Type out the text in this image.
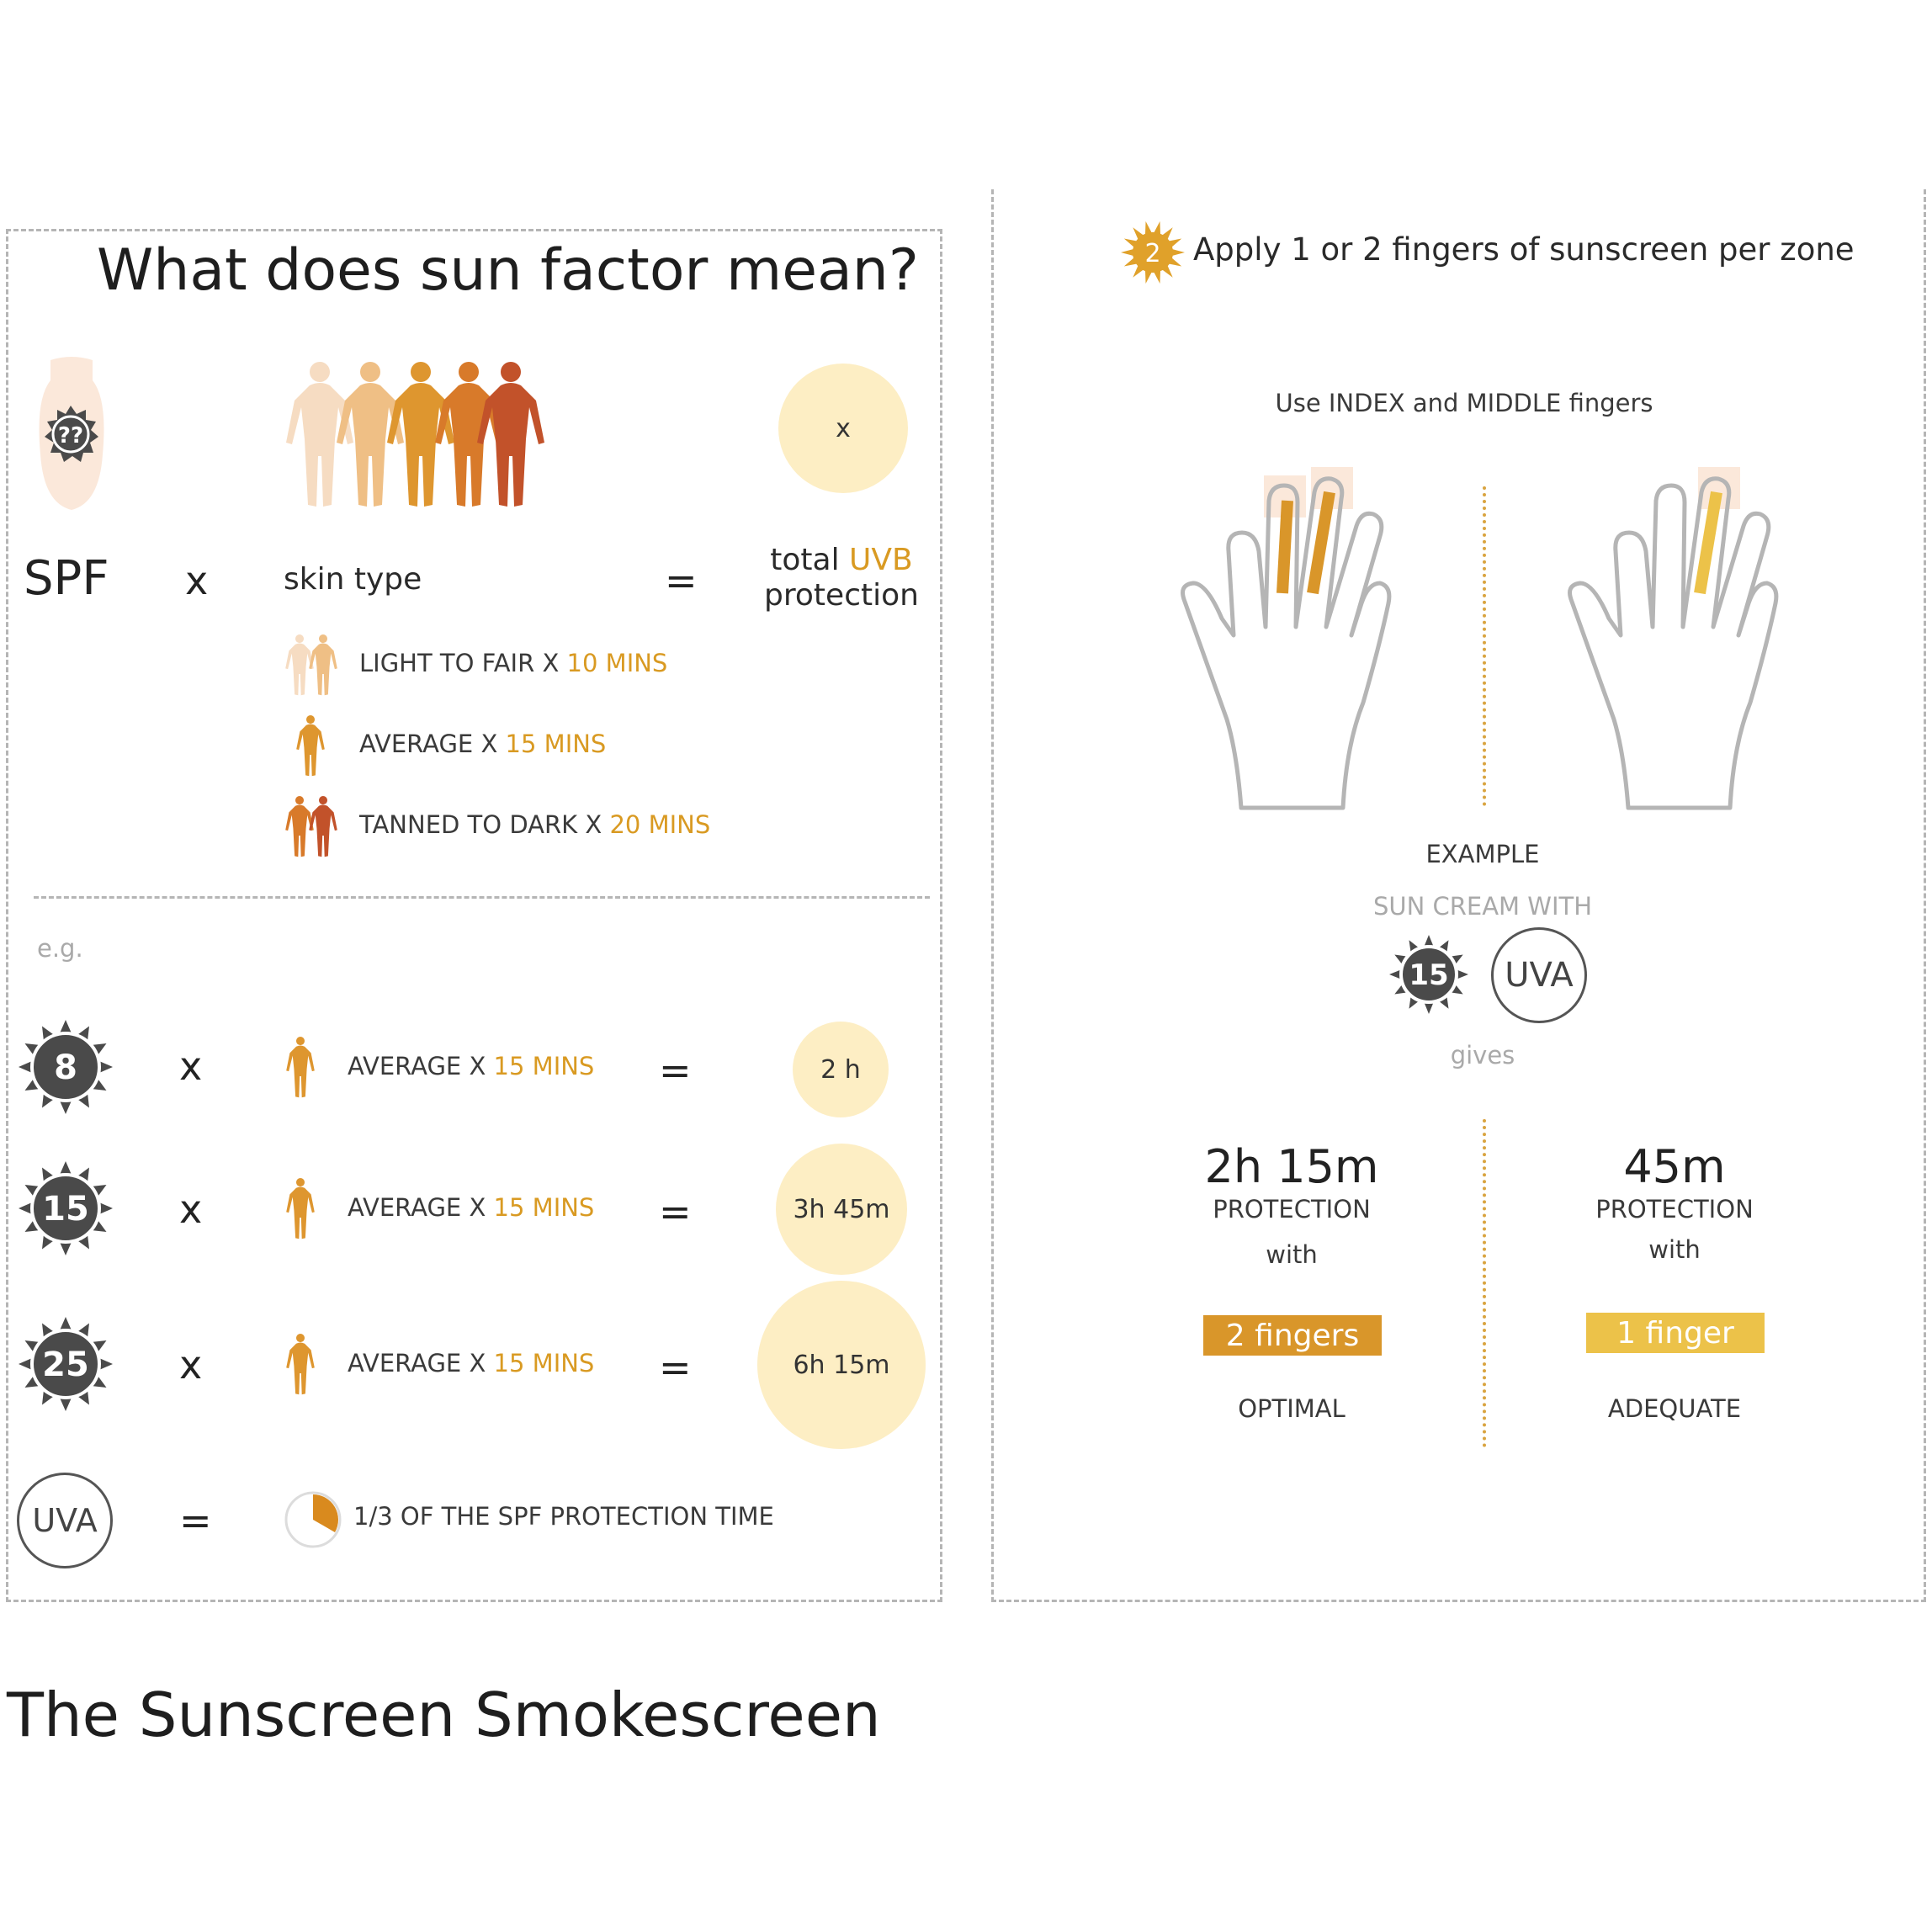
What does sun factor mean?
??	x
SPF x skin type	=	total UVB
protection
LIGHT TO FAIR X 10 MINS
AVERAGE X 15 MINS
TANNED TO DARK X 20 MINS
e.g.
8	x	AVERAGE X 15 MINS =	2 h
15 x	AVERAGE X 15 MINS =	3h 45m
25 x	AVERAGE X 15 MINS =	6h 15m
UVA =	1/3 OF THE SPF PROTECTION TIME
2 Apply 1 or 2 fingers of sunscreen per zone
Use INDEX and MIDDLE fingers
EXAMPLE
SUN CREAM WITH
15 UVA
gives
2h 15m
PROTECTION
with
2 fingers
OPTIMAL
45m
PROTECTION
with
1 finger
ADEQUATE
The Sunscreen Smokescreen
